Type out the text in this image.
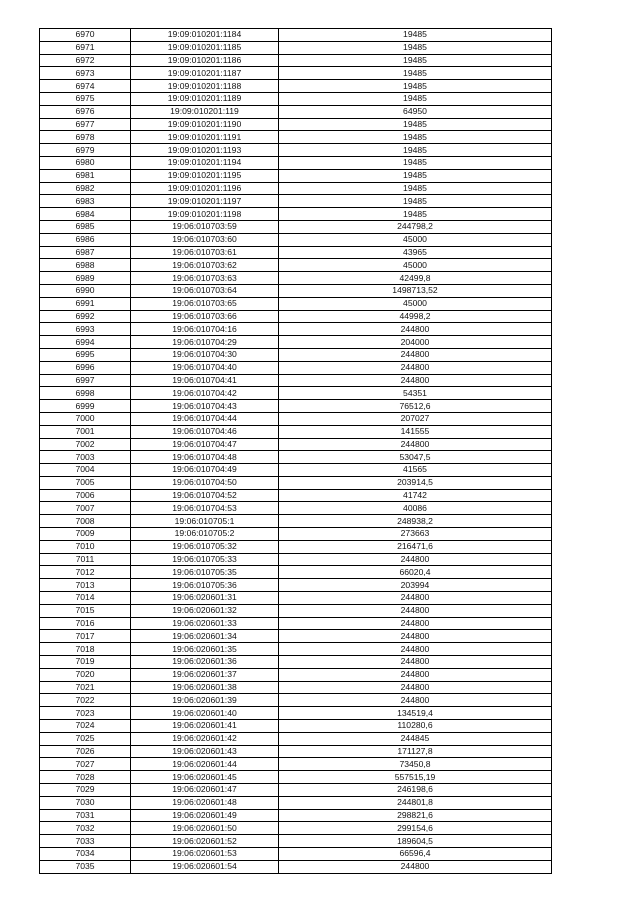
6970	19:09:010201:1184	19485
6971	19:09:010201:1185	19485
6972	19:09:010201:1186	19485
6973	19:09:010201:1187	19485
6974	19:09:010201:1188	19485
6975	19:09:010201:1189	19485
6976	19:09:010201:119	64950
6977	19:09:010201:1190	19485
6978	19:09:010201:1191	19485
6979	19:09:010201:1193	19485
6980	19:09:010201:1194	19485
6981	19:09:010201:1195	19485
6982	19:09:010201:1196	19485
6983	19:09:010201:1197	19485
6984	19:09:010201:1198	19485
6985	19:06:010703:59	244798,2
6986	19:06:010703:60	45000
6987	19:06:010703:61	43965
6988	19:06:010703:62	45000
6989	19:06:010703:63	42499,8
6990	19:06:010703:64	1498713,52
6991	19:06:010703:65	45000
6992	19:06:010703:66	44998,2
6993	19:06:010704:16	244800
6994	19:06:010704:29	204000
6995	19:06:010704:30	244800
6996	19:06:010704:40	244800
6997	19:06:010704:41	244800
6998	19:06:010704:42	54351
6999	19:06:010704:43	76512,6
7000	19:06:010704:44	207027
7001	19:06:010704:46	141555
7002	19:06:010704:47	244800
7003	19:06:010704:48	53047,5
7004	19:06:010704:49	41565
7005	19:06:010704:50	203914,5
7006	19:06:010704:52	41742
7007	19:06:010704:53	40086
7008	19:06:010705:1	248938,2
7009	19:06:010705:2	273663
7010	19:06:010705:32	216471,6
7011	19:06:010705:33	244800
7012	19:06:010705:35	66020,4
7013	19:06:010705:36	203994
7014	19:06:020601:31	244800
7015	19:06:020601:32	244800
7016	19:06:020601:33	244800
7017	19:06:020601:34	244800
7018	19:06:020601:35	244800
7019	19:06:020601:36	244800
7020	19:06:020601:37	244800
7021	19:06:020601:38	244800
7022	19:06:020601:39	244800
7023	19:06:020601:40	134519,4
7024	19:06:020601:41	110280,6
7025	19:06:020601:42	244845
7026	19:06:020601:43	171127,8
7027	19:06:020601:44	73450,8
7028	19:06:020601:45	557515,19
7029	19:06:020601:47	246198,6
7030	19:06:020601:48	244801,8
7031	19:06:020601:49	298821,6
7032	19:06:020601:50	299154,6
7033	19:06:020601:52	189604,5
7034	19:06:020601:53	66596,4
7035	19:06:020601:54	244800
